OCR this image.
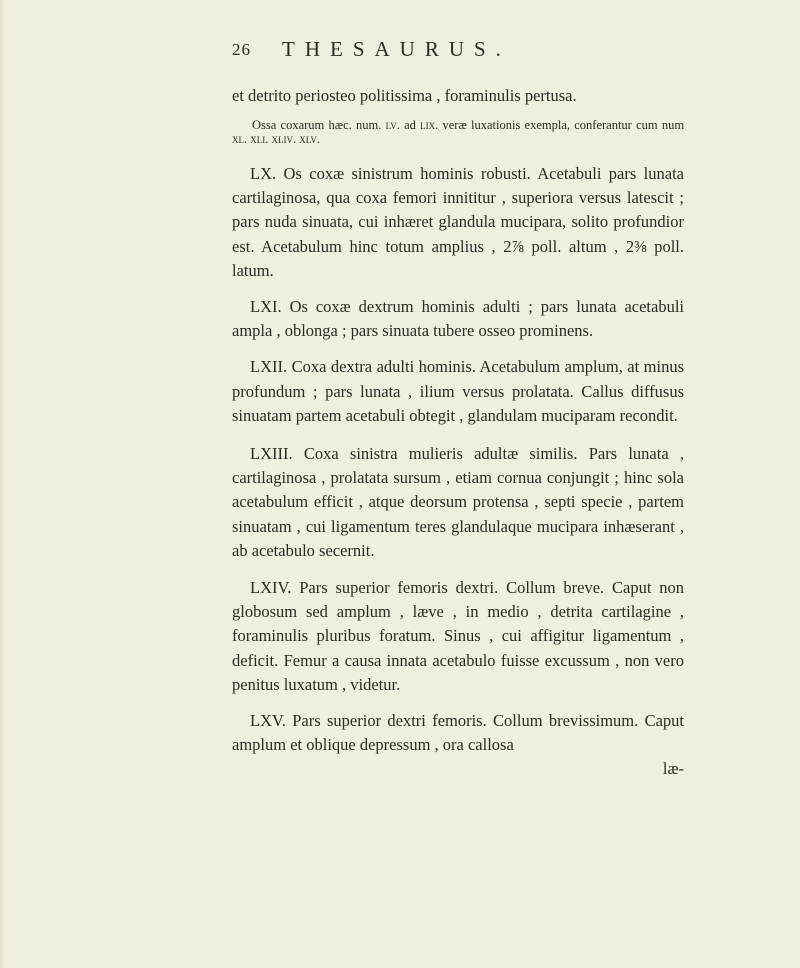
26 THESAURUS.

et detrito periosteo politissima , foraminulis pertusa.

Ossa coxarum hæc. num. lv. ad lix. veræ luxationis exempla, conferantur cum num xl. xli. xliv. xlv.

LX. Os coxæ sinistrum hominis robusti. Acetabuli pars lunata cartilaginosa, qua coxa femori innititur , superiora versus latescit ; pars nuda sinuata, cui inhæret glandula mucipara, solito profundior est. Acetabulum hinc totum amplius , 2⅞ poll. altum , 2⅜ poll. latum.

LXI. Os coxæ dextrum hominis adulti ; pars lunata acetabuli ampla , oblonga ; pars sinuata tubere osseo prominens.

LXII. Coxa dextra adulti hominis. Acetabulum amplum, at minus profundum ; pars lunata , ilium versus prolatata. Callus diffusus sinuatam partem acetabuli obtegit , glandulam muciparam recondit.

LXIII. Coxa sinistra mulieris adultæ similis. Pars lunata , cartilaginosa , prolatata sursum , etiam cornua conjungit ; hinc sola acetabulum efficit , atque deorsum protensa , septi specie , partem sinuatam , cui ligamentum teres glandulaque mucipara inhæserant , ab acetabulo secernit.

LXIV. Pars superior femoris dextri. Collum breve. Caput non globosum sed amplum , læve , in medio , detrita cartilagine , foraminulis pluribus foratum. Sinus , cui affigitur ligamentum , deficit. Femur a causa innata acetabulo fuisse excussum , non vero penitus luxatum , videtur.

LXV. Pars superior dextri femoris. Collum brevissimum. Caput amplum et oblique depressum , ora callosa

læ-
